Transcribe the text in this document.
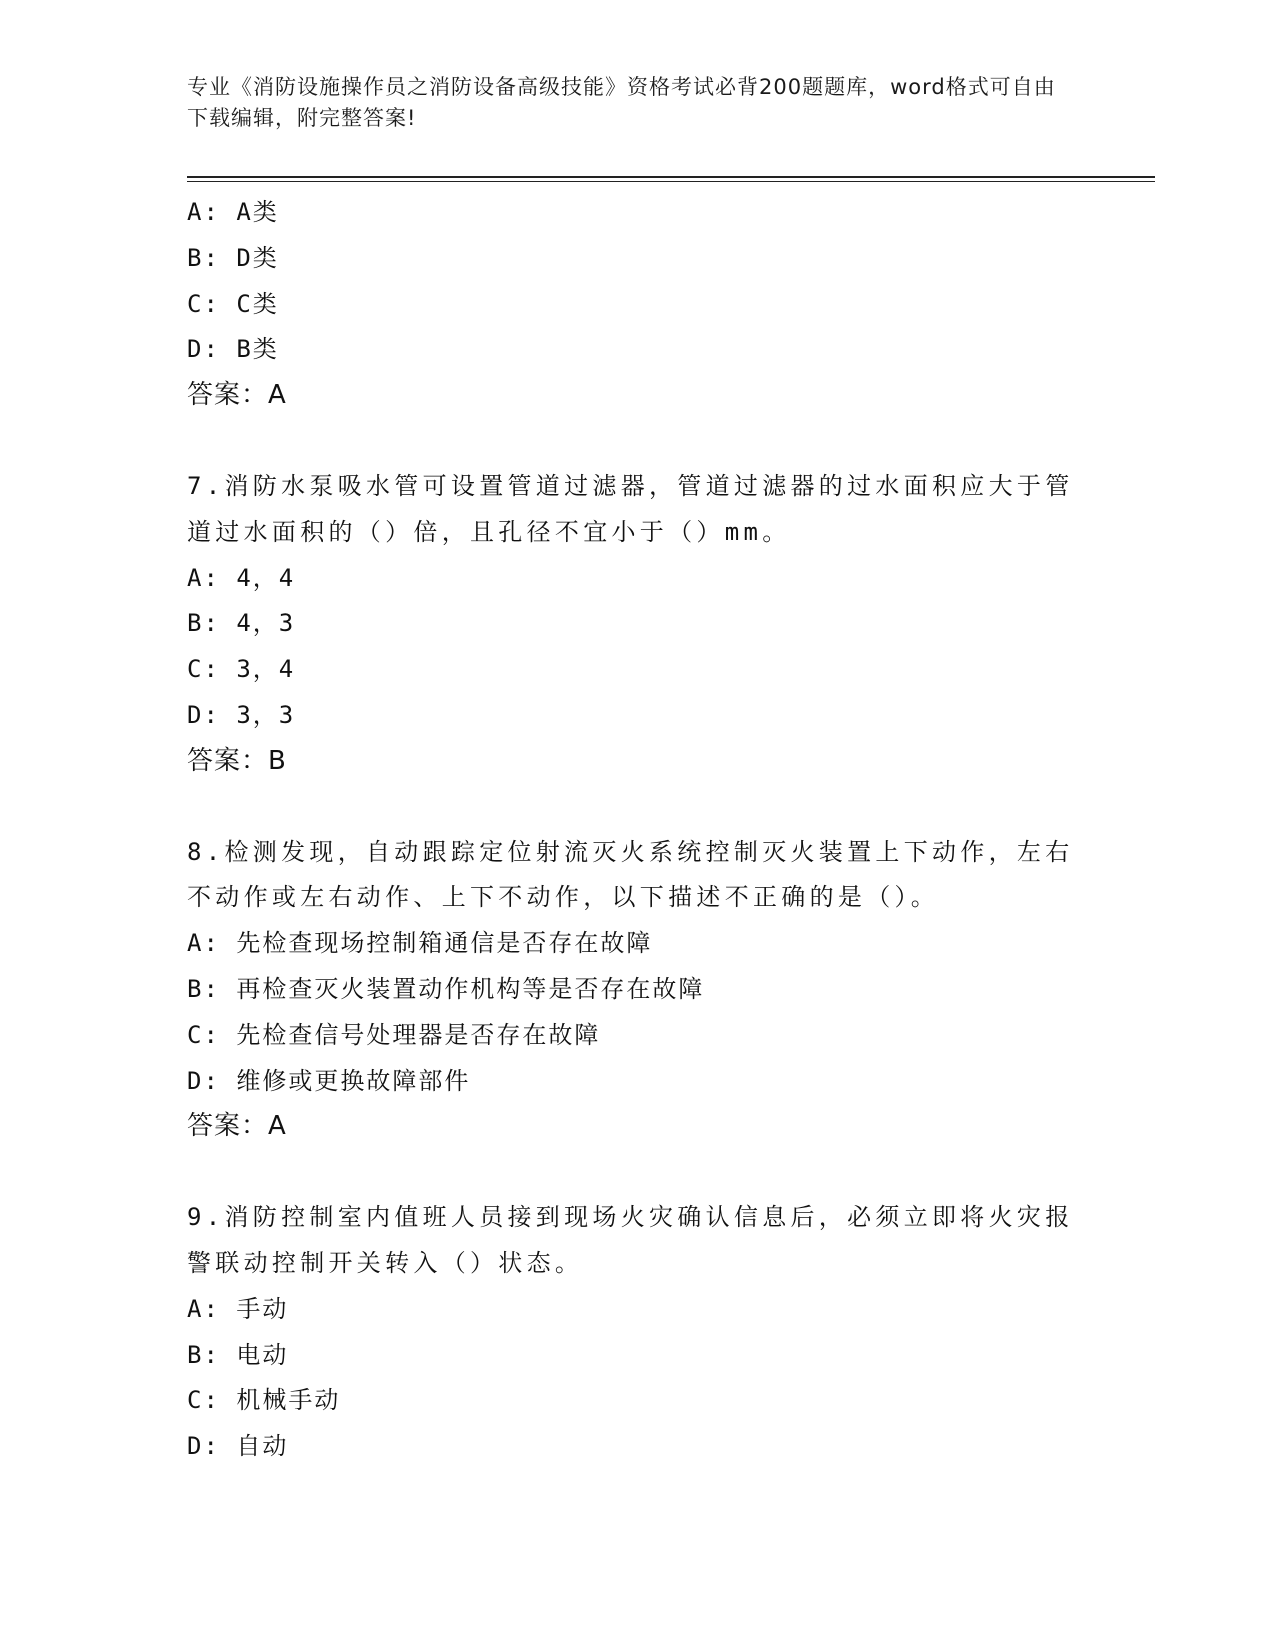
专业《消防设施操作员之消防设备高级技能》资格考试必背200题题库，word格式可自由下载编辑，附完整答案!
A: A类
B: D类
C: C类
D: B类
答案：A
7.消防水泵吸水管可设置管道过滤器，管道过滤器的过水面积应大于管道过水面积的（）倍，且孔径不宜小于（）mm。
A: 4，4
B: 4，3
C: 3，4
D: 3，3
答案：B
8.检测发现，自动跟踪定位射流灭火系统控制灭火装置上下动作，左右不动作或左右动作、上下不动作，以下描述不正确的是（）。
A: 先检查现场控制箱通信是否存在故障
B: 再检查灭火装置动作机构等是否存在故障
C: 先检查信号处理器是否存在故障
D: 维修或更换故障部件
答案：A
9.消防控制室内值班人员接到现场火灾确认信息后，必须立即将火灾报警联动控制开关转入（）状态。
A: 手动
B: 电动
C: 机械手动
D: 自动
